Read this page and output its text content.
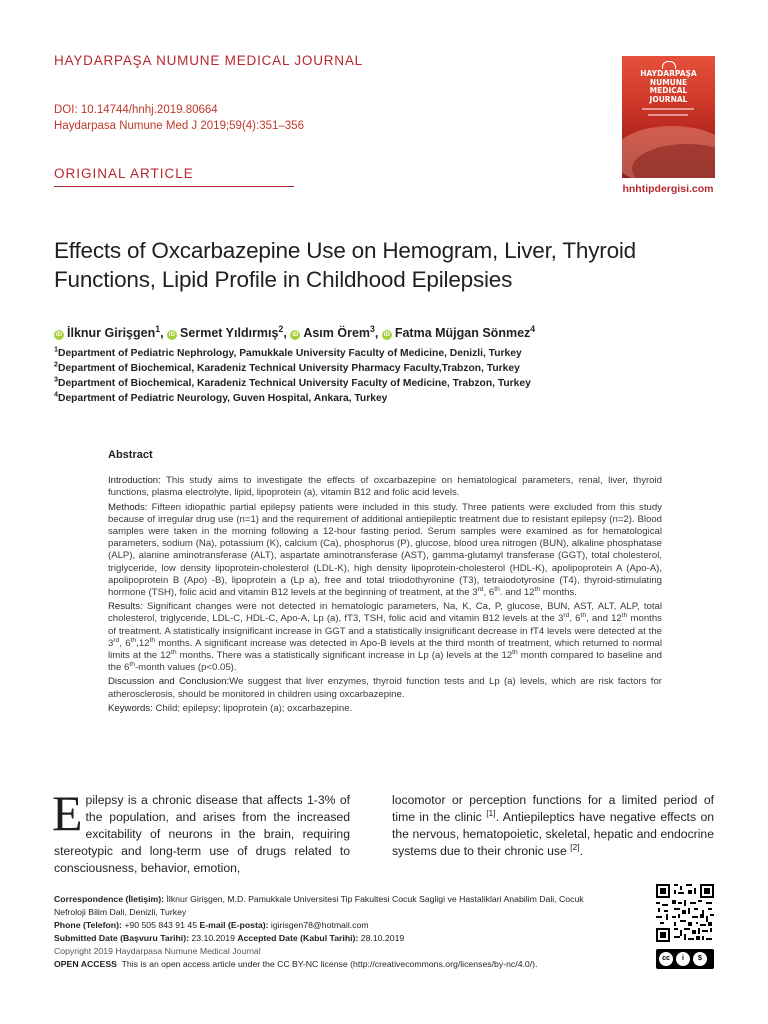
HAYDARPAŞA NUMUNE MEDICAL JOURNAL
DOI: 10.14744/hnhj.2019.80664
Haydarpasa Numune Med J 2019;59(4):351–356
ORIGINAL ARTICLE
HAYDARPAŞA
NUMUNE
MEDICAL
JOURNAL
hnhtipdergisi.com
Effects of Oxcarbazepine Use on Hemogram, Liver, Thyroid
Functions, Lipid Profile in Childhood Epilepsies
iD İlknur Girişgen$^1$, iD Sermet Yıldırmış$^2$, iD Asım Örem$^3$, iD Fatma Müjgan Sönmez$^4$
$^1$Department of Pediatric Nephrology, Pamukkale University Faculty of Medicine, Denizli, Turkey
$^2$Department of Biochemical, Karadeniz Technical University Pharmacy Faculty,Trabzon, Turkey
$^3$Department of Biochemical, Karadeniz Technical University Faculty of Medicine, Trabzon, Turkey
$^4$Department of Pediatric Neurology, Guven Hospital, Ankara, Turkey
Abstract

Introduction: This study aims to investigate the effects of oxcarbazepine on hematological parameters, renal, liver, thyroid functions, plasma electrolyte, lipid, lipoprotein (a), vitamin B12 and folic acid levels.

Methods: Fifteen idiopathic partial epilepsy patients were included in this study. Three patients were excluded from this study because of irregular drug use (n=1) and the requirement of additional antiepileptic treatment due to resistant epilepsy (n=2). Blood samples were taken in the morning following a 12-hour fasting period. Serum samples were examined as for hematological parameters, sodium (Na), potassium (K), calcium (Ca), phosphorus (P), glucose, blood urea nitrogen (BUN), alkaline phosphatase (ALP), alanine aminotransferase (ALT), aspartate aminotransferase (AST), gamma-glutamyl transferase (GGT), total cholesterol, triglyceride, low density lipoprotein-cholesterol (LDL-K), high density lipoprotein-cholesterol (HDL-K), apolipoprotein A (Apo-A), apolipoprotein B (Apo) -B), lipoprotein a (Lp a), free and total triiodothyronine (T3), tetraiodotyrosine (T4), thyroid-stimulating hormone (TSH), folic acid and vitamin B12 levels at the beginning of treatment, at the 3rd, 6th. and 12th months.

Results: Significant changes were not detected in hematologic parameters, Na, K, Ca, P, glucose, BUN, AST, ALT, ALP, total cholesterol, triglyceride, LDL-C, HDL-C, Apo-A, Lp (a), fT3, TSH, folic acid and vitamin B12 levels at the 3rd, 6th, and 12th months of treatment. A statistically insignificant increase in GGT and a statistically insignificant decrease in fT4 levels were detected at the 3rd, 6th,12th months. A significant increase was detected in Apo-B levels at the third month of treatment, which returned to normal limits at the 12th months. There was a statistically significant increase in Lp (a) levels at the 12th month compared to baseline and the 6th-month values (p<0.05).

Discussion and Conclusion:We suggest that liver enzymes, thyroid function tests and Lp (a) levels, which are risk factors for atherosclerosis, should be monitored in children using oxcarbazepine.

Keywords: Child; epilepsy; lipoprotein (a); oxcarbazepine.

Epilepsy is a chronic disease that affects 1-3% of the population, and arises from the increased excitability of neurons in the brain, requiring stereotypic and long-term use of drugs related to consciousness, behavior, emotion,

locomotor or perception functions for a limited period of time in the clinic [1]. Antiepileptics have negative effects on the nervous, hematopoietic, skeletal, hepatic and endocrine systems due to their chronic use [2].

Correspondence (İletişim): İlknur Girişgen, M.D. Pamukkale Universitesi Tip Fakultesi Cocuk Sagligi ve Hastaliklari Anabilim Dali, Cocuk Nefroloji Bilim Dali, Denizli, Turkey
Phone (Telefon): +90 505 843 91 45 E-mail (E-posta): igirisgen78@hotmail.com
Submitted Date (Başvuru Tarihi): 23.10.2019 Accepted Date (Kabul Tarihi): 28.10.2019
Copyright 2019 Haydarpasa Numune Medical Journal
OPEN ACCESS This is an open access article under the CC BY-NC license (http://creativecommons.org/licenses/by-nc/4.0/).
cc	i	$
